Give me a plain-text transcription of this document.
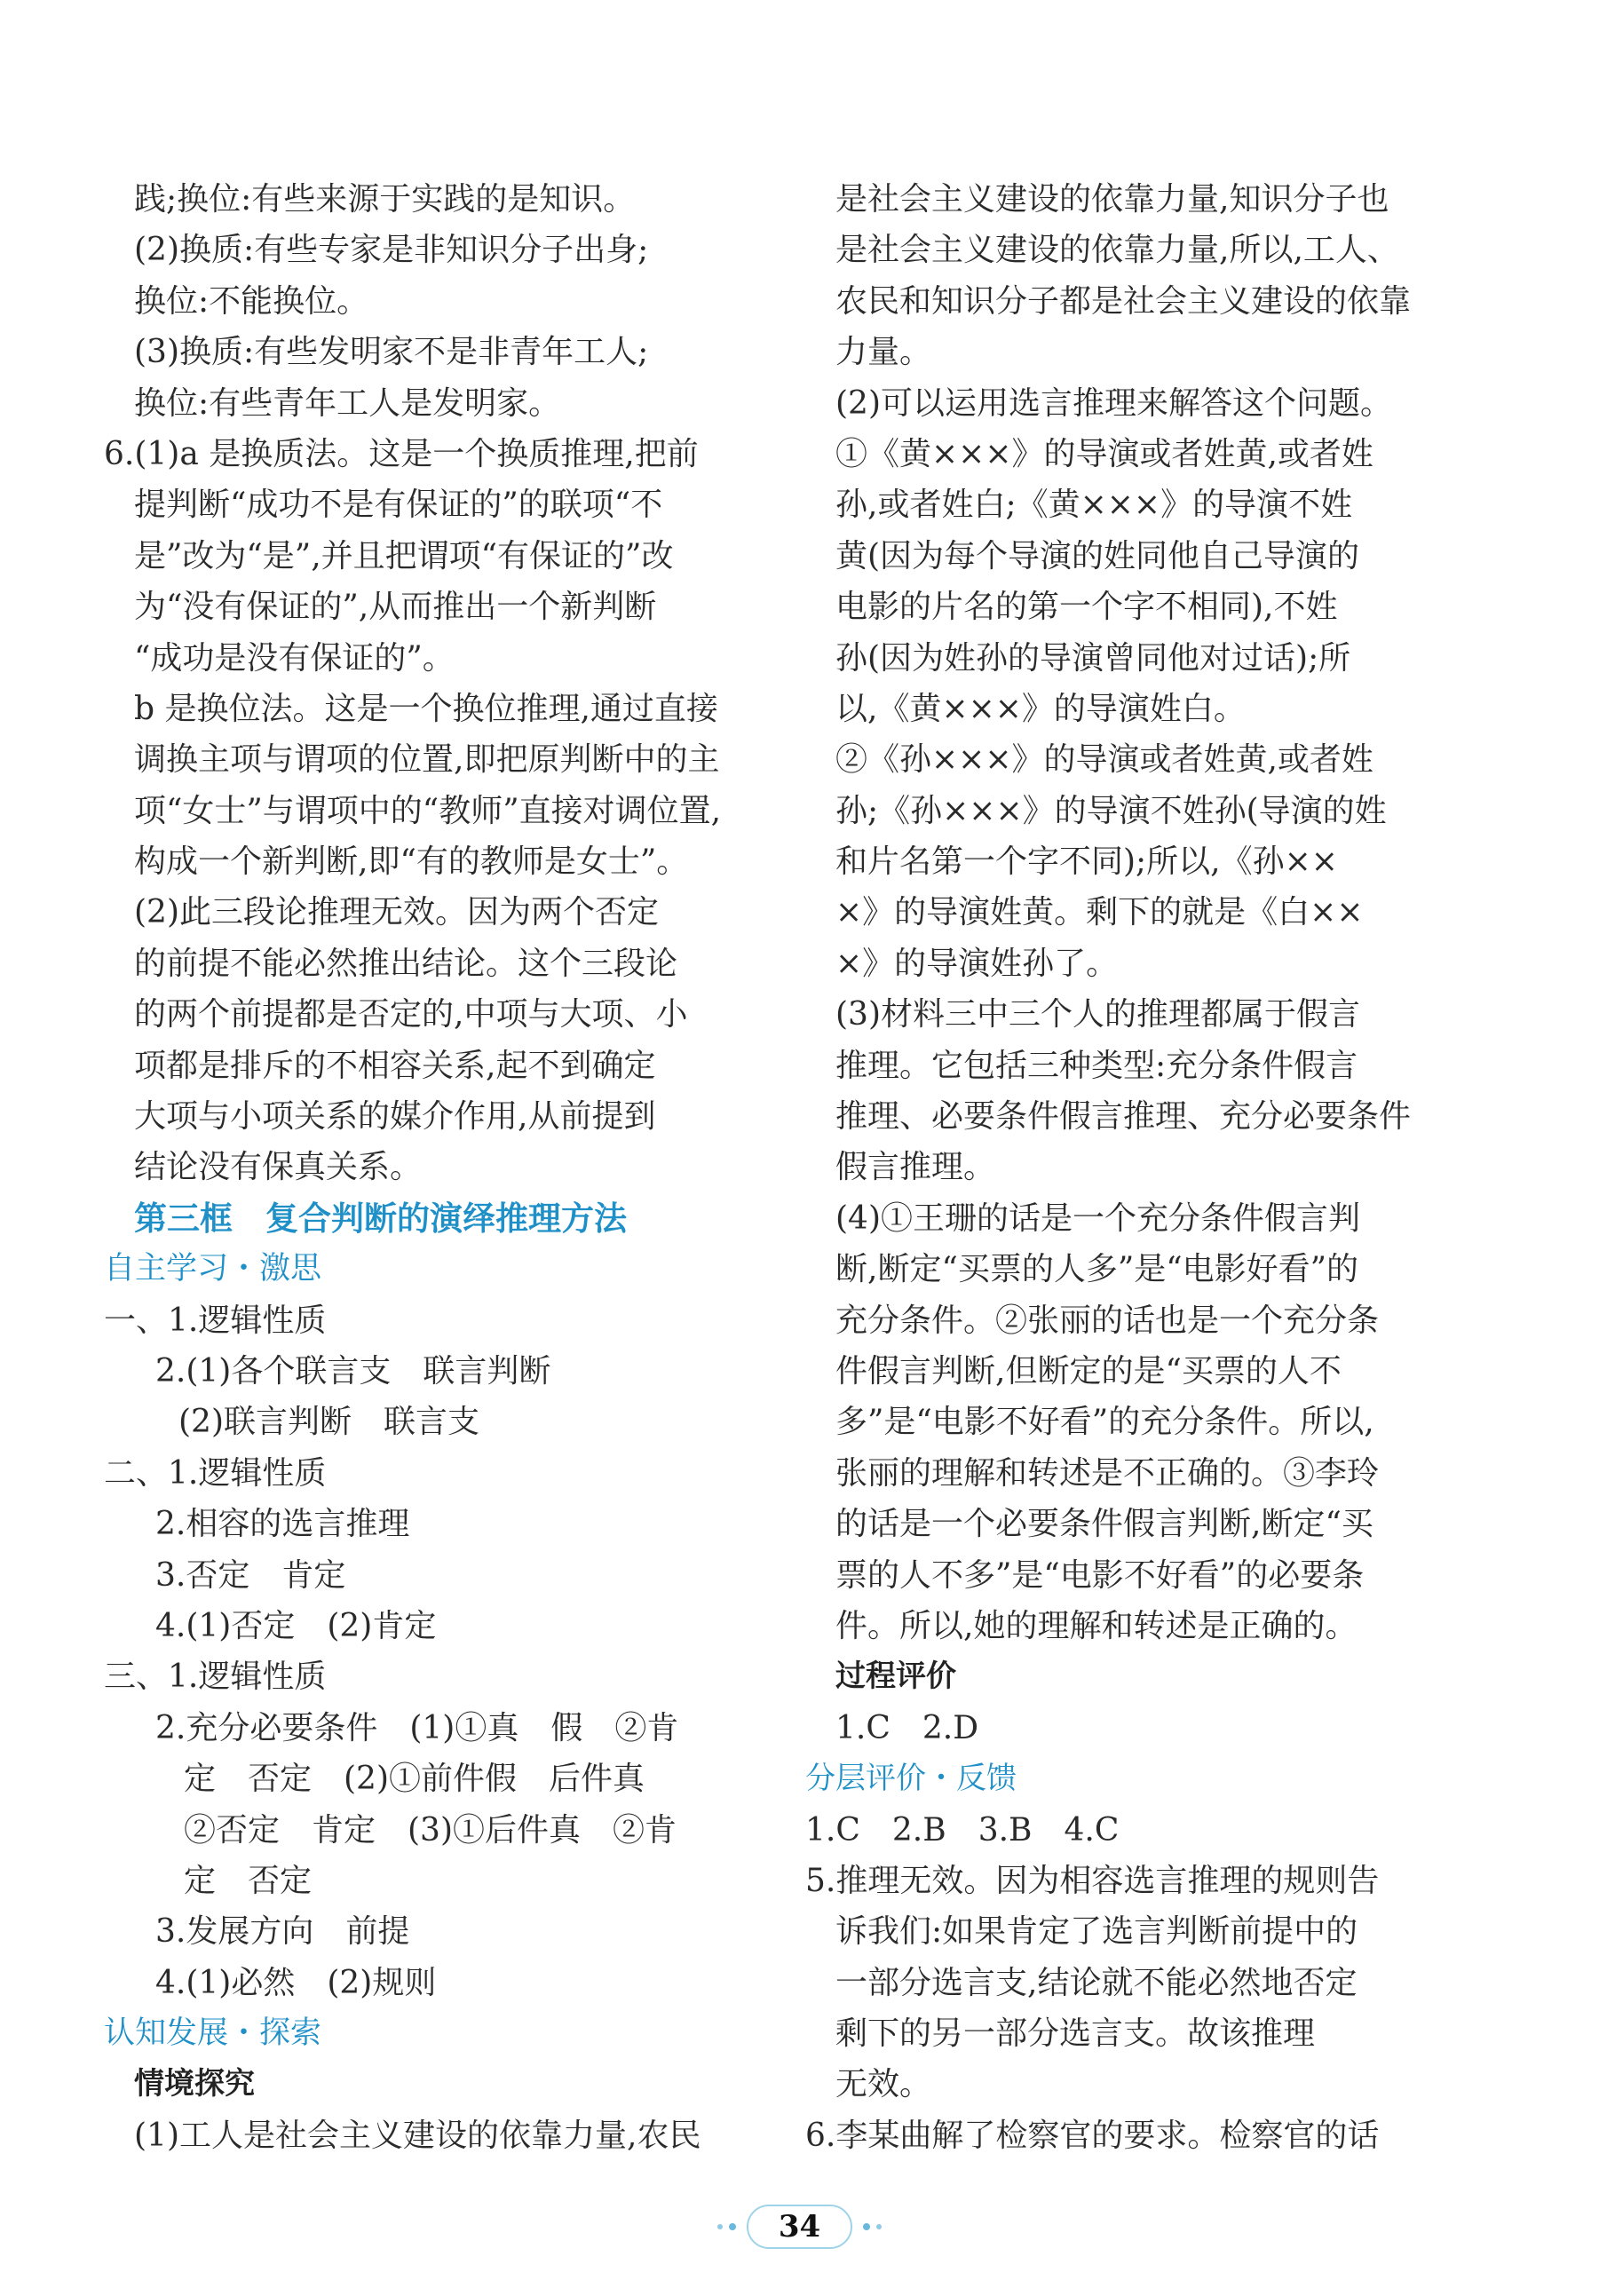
践;换位:有些来源于实践的是知识。
(2)换质:有些专家是非知识分子出身;
换位:不能换位。
(3)换质:有些发明家不是非青年工人;
换位:有些青年工人是发明家。
6.(1)a 是换质法。这是一个换质推理,把前
提判断“成功不是有保证的”的联项“不
是”改为“是”,并且把谓项“有保证的”改
为“没有保证的”,从而推出一个新判断
“成功是没有保证的”。
b 是换位法。这是一个换位推理,通过直接
调换主项与谓项的位置,即把原判断中的主
项“女士”与谓项中的“教师”直接对调位置,
构成一个新判断,即“有的教师是女士”。
(2)此三段论推理无效。因为两个否定
的前提不能必然推出结论。这个三段论
的两个前提都是否定的,中项与大项、小
项都是排斥的不相容关系,起不到确定
大项与小项关系的媒介作用,从前提到
结论没有保真关系。
第三框　复合判断的演绎推理方法
自主学习・激思
一、1.逻辑性质
2.(1)各个联言支　联言判断
(2)联言判断　联言支
二、1.逻辑性质
2.相容的选言推理
3.否定　肯定
4.(1)否定　(2)肯定
三、1.逻辑性质
2.充分必要条件　(1)①真　假　②肯
定　否定　(2)①前件假　后件真
②否定　肯定　(3)①后件真　②肯
定　否定
3.发展方向　前提
4.(1)必然　(2)规则
认知发展・探索
情境探究
(1)工人是社会主义建设的依靠力量,农民
是社会主义建设的依靠力量,知识分子也
是社会主义建设的依靠力量,所以,工人、
农民和知识分子都是社会主义建设的依靠
力量。
(2)可以运用选言推理来解答这个问题。
①《黄×××》的导演或者姓黄,或者姓
孙,或者姓白;《黄×××》的导演不姓
黄(因为每个导演的姓同他自己导演的
电影的片名的第一个字不相同),不姓
孙(因为姓孙的导演曾同他对过话);所
以,《黄×××》的导演姓白。
②《孙×××》的导演或者姓黄,或者姓
孙;《孙×××》的导演不姓孙(导演的姓
和片名第一个字不同);所以,《孙××
×》的导演姓黄。剩下的就是《白××
×》的导演姓孙了。
(3)材料三中三个人的推理都属于假言
推理。它包括三种类型:充分条件假言
推理、必要条件假言推理、充分必要条件
假言推理。
(4)①王珊的话是一个充分条件假言判
断,断定“买票的人多”是“电影好看”的
充分条件。②张丽的话也是一个充分条
件假言判断,但断定的是“买票的人不
多”是“电影不好看”的充分条件。所以,
张丽的理解和转述是不正确的。③李玲
的话是一个必要条件假言判断,断定“买
票的人不多”是“电影不好看”的必要条
件。所以,她的理解和转述是正确的。
过程评价
1.C　2.D
分层评价・反馈
1.C　2.B　3.B　4.C
5.推理无效。因为相容选言推理的规则告
诉我们:如果肯定了选言判断前提中的
一部分选言支,结论就不能必然地否定
剩下的另一部分选言支。故该推理
无效。
6.李某曲解了检察官的要求。检察官的话
34
